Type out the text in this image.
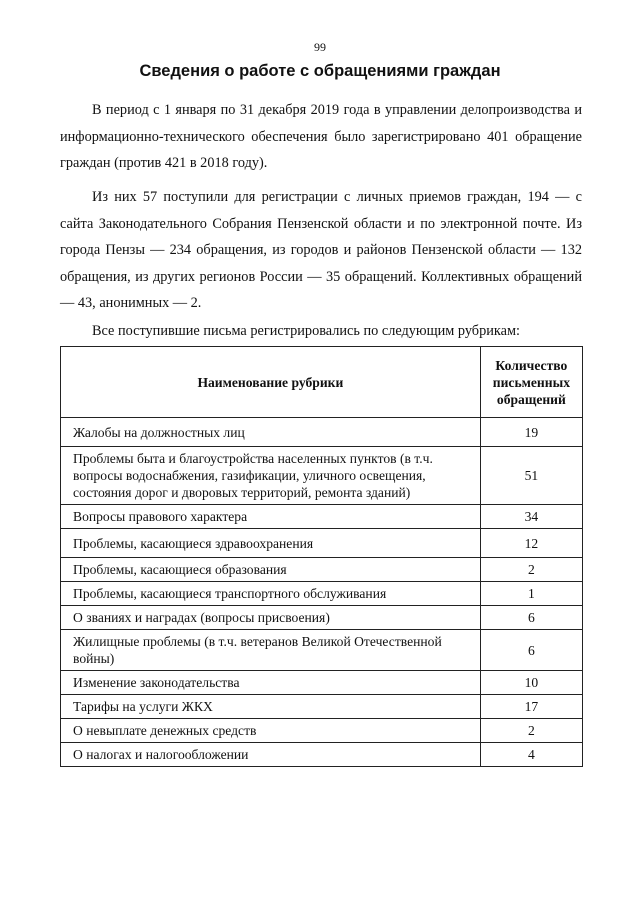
99
Сведения о работе с обращениями граждан
В период с 1 января по 31 декабря 2019 года в управлении делопроизводства и информационно-технического обеспечения было зарегистрировано 401 обращение граждан (против 421 в 2018 году).
Из них 57 поступили для регистрации с личных приемов граждан, 194 — с сайта Законодательного Собрания Пензенской области и по электронной почте. Из города Пензы — 234 обращения, из городов и районов Пензенской области — 132 обращения, из других регионов России — 35 обращений. Коллективных обращений — 43, анонимных — 2.
Все поступившие письма регистрировались по следующим рубрикам:
Наименование рубрики	Количество письменных обращений
Жалобы на должностных лиц	19
Проблемы быта и благоустройства населенных пунктов (в т.ч. вопросы водоснабжения, газификации, уличного освещения, состояния дорог и дворовых территорий, ремонта зданий)	51
Вопросы правового характера	34
Проблемы, касающиеся здравоохранения	12
Проблемы, касающиеся образования	2
Проблемы, касающиеся транспортного обслуживания	1
О званиях и наградах (вопросы присвоения)	6
Жилищные проблемы (в т.ч. ветеранов Великой Отечественной войны)	6
Изменение законодательства	10
Тарифы на услуги ЖКХ	17
О невыплате денежных средств	2
О налогах и налогообложении	4
